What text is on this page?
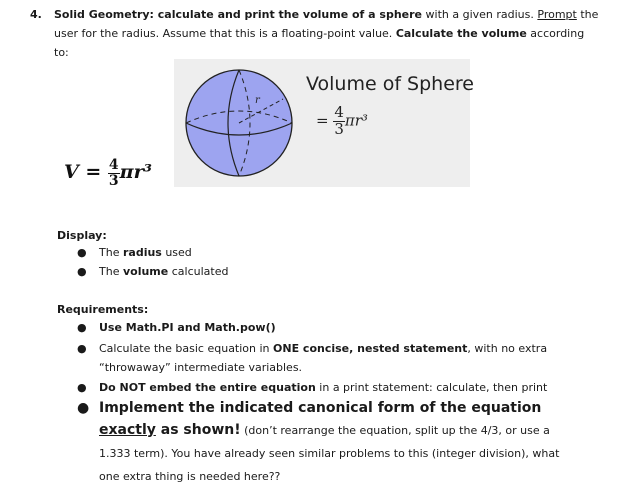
4. Solid Geometry: calculate and print the volume of a sphere with a given radius. Prompt the user for the radius. Assume that this is a floating-point value. Calculate the volume according to:
r
Volume of Sphere
= $\frac{4}{3} \pi r^3$
$V = \frac{4}{3} \pi r^3$
Display:
● The radius used
● The volume calculated
Requirements:
● Use Math.PI and Math.pow()
● Calculate the basic equation in ONE concise, nested statement, with no extra “throwaway” intermediate variables.
● Do NOT embed the entire equation in a print statement: calculate, then print
● Implement the indicated canonical form of the equation exactly as shown! (don’t rearrange the equation, split up the 4/3, or use a 1.333 term). You have already seen similar problems to this (integer division), what one extra thing is needed here??
